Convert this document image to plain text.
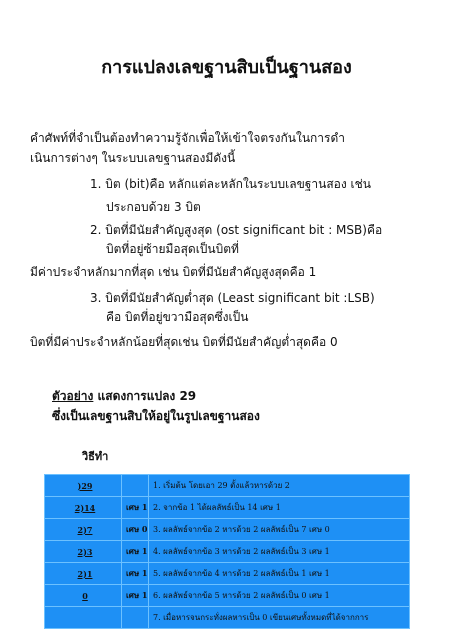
การแปลงเลขฐานสิบเป็นฐานสอง
คำศัพท์ที่จำเป็นต้องทำความรู้จักเพื่อให้เข้าใจตรงกันในการดำ
เนินการต่างๆ ในระบบเลขฐานสองมีดังนี้
1. บิต (bit)คือ หลักแต่ละหลักในระบบเลขฐานสอง เช่น
ประกอบด้วย 3 บิต
2. บิตที่มีนัยสำคัญสูงสุด (ost significant bit : MSB)คือ
บิตที่อยู่ซ้ายมือสุดเป็นบิตที่
มีค่าประจำหลักมากที่สุด เช่น บิตที่มีนัยสำคัญสูงสุดคือ 1
3. บิตที่มีนัยสำคัญต่ำสุด (Least significant bit :LSB)
คือ บิตที่อยู่ขวามือสุดซึ่งเป็น
บิตที่มีค่าประจำหลักน้อยที่สุดเช่น บิตที่มีนัยสำคัญต่ำสุดคือ 0
ตัวอย่าง แสดงการแปลง 29
ซึ่งเป็นเลขฐานสิบให้อยู่ในรูปเลขฐานสอง
วิธีทำ
)29		1. เริ่มต้น โดยเอา 29 ตั้งแล้วหารด้วย 2
2)14	เศษ 1	2. จากข้อ 1 ได้ผลลัพธ์เป็น 14 เศษ 1
2)7	เศษ 0	3. ผลลัพธ์จากข้อ 2 หารด้วย 2 ผลลัพธ์เป็น 7 เศษ 0
2)3	เศษ 1	4. ผลลัพธ์จากข้อ 3 หารด้วย 2 ผลลัพธ์เป็น 3 เศษ 1
2)1	เศษ 1	5. ผลลัพธ์จากข้อ 4 หารด้วย 2 ผลลัพธ์เป็น 1 เศษ 1
0	เศษ 1	6. ผลลัพธ์จากข้อ 5 หารด้วย 2 ผลลัพธ์เป็น 0 เศษ 1
		7. เมื่อหารจนกระทั่งผลหารเป็น 0 เขียนเศษทั้งหมดที่ได้จากการ
